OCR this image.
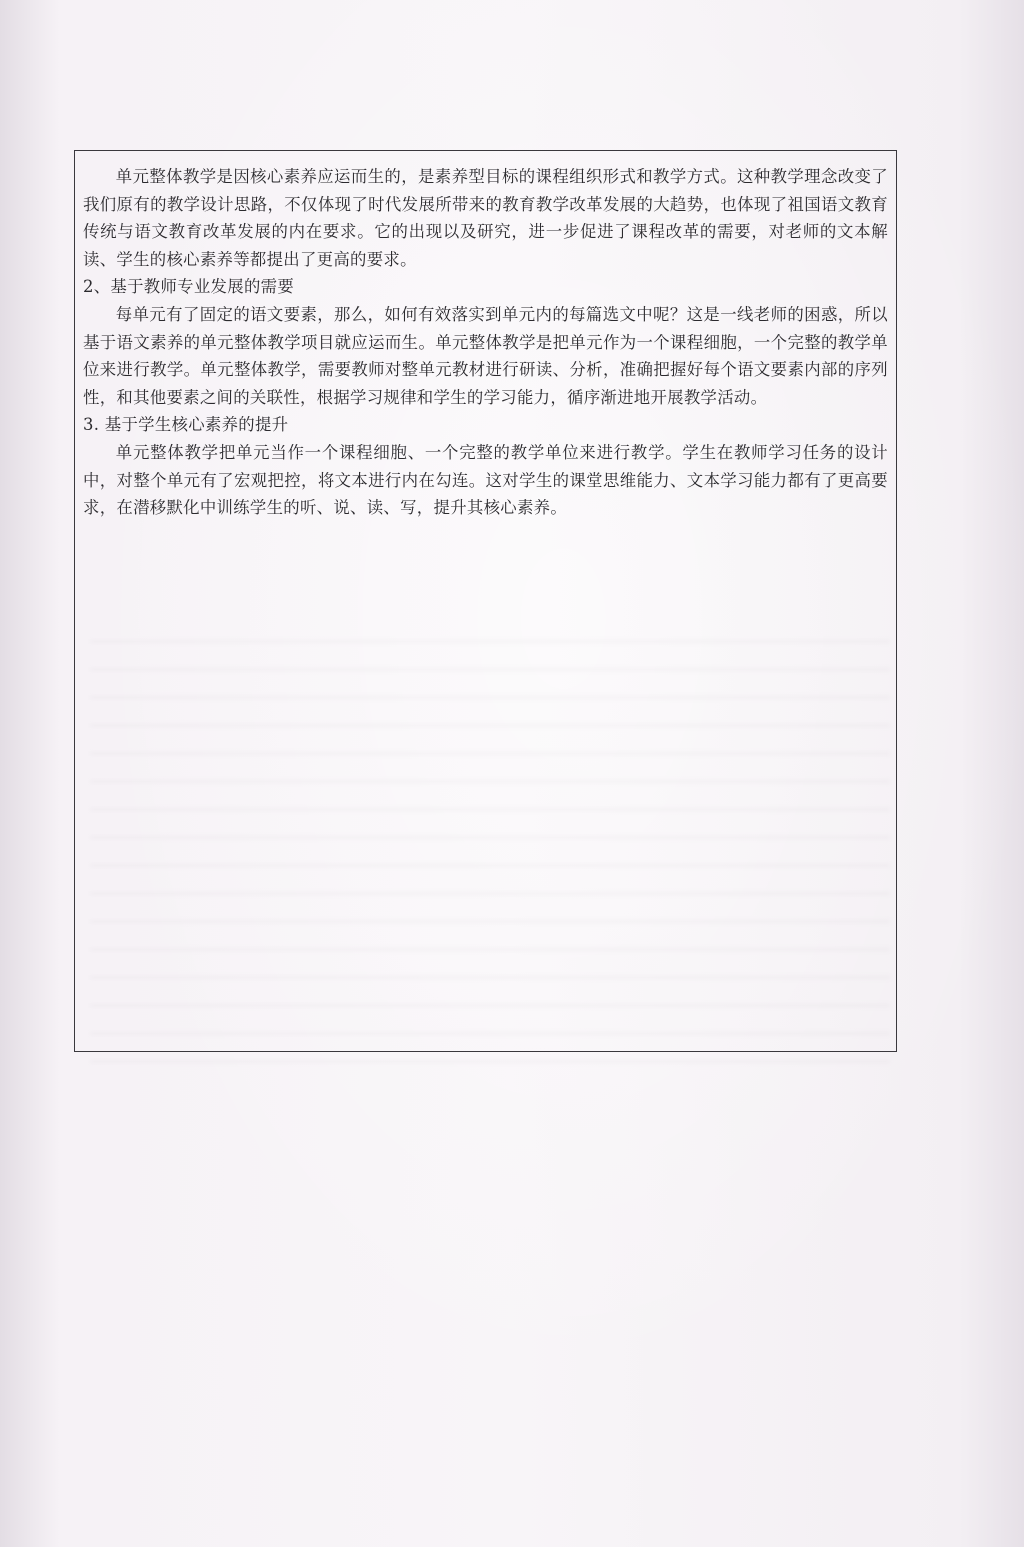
单元整体教学是因核心素养应运而生的，是素养型目标的课程组织形式和教学方式。这种教学理念改变了我们原有的教学设计思路，不仅体现了时代发展所带来的教育教学改革发展的大趋势，也体现了祖国语文教育传统与语文教育改革发展的内在要求。它的出现以及研究，进一步促进了课程改革的需要，对老师的文本解读、学生的核心素养等都提出了更高的要求。

2、基于教师专业发展的需要

每单元有了固定的语文要素，那么，如何有效落实到单元内的每篇选文中呢？这是一线老师的困惑，所以基于语文素养的单元整体教学项目就应运而生。单元整体教学是把单元作为一个课程细胞，一个完整的教学单位来进行教学。单元整体教学，需要教师对整单元教材进行研读、分析，准确把握好每个语文要素内部的序列性，和其他要素之间的关联性，根据学习规律和学生的学习能力，循序渐进地开展教学活动。

3. 基于学生核心素养的提升

单元整体教学把单元当作一个课程细胞、一个完整的教学单位来进行教学。学生在教师学习任务的设计中，对整个单元有了宏观把控，将文本进行内在勾连。这对学生的课堂思维能力、文本学习能力都有了更高要求，在潜移默化中训练学生的听、说、读、写，提升其核心素养。
